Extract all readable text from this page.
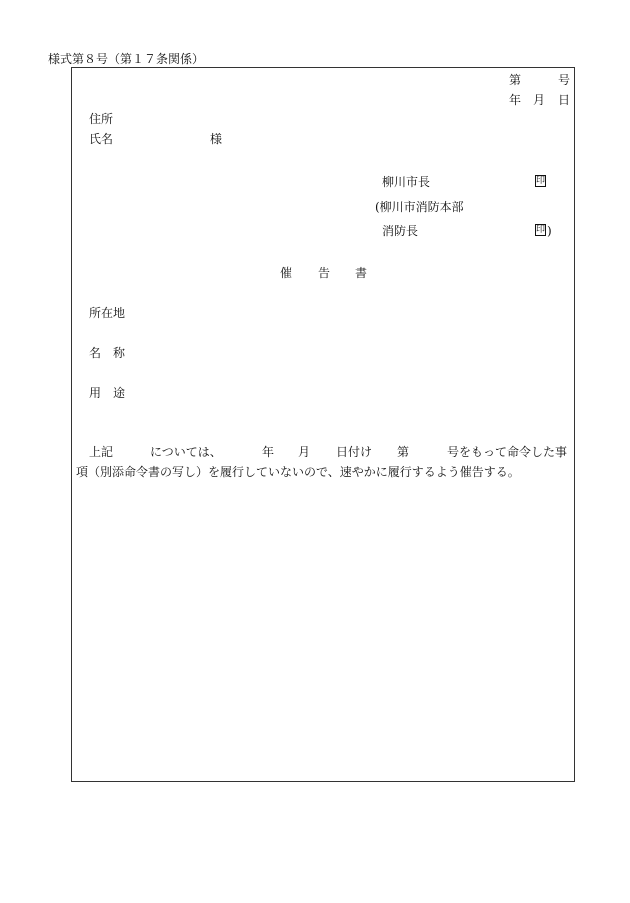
様式第８号（第１７条関係）
第	号
年 月 日
住所
氏名	様
柳川市長	印
(柳川市消防本部
消防長	印 )
催 告 書
所在地
名 称
用 途
上記	については、	年 月 日付け 第	号をもって命令した事
項（別添命令書の写し）を履行していないので、速やかに履行するよう催告する。
